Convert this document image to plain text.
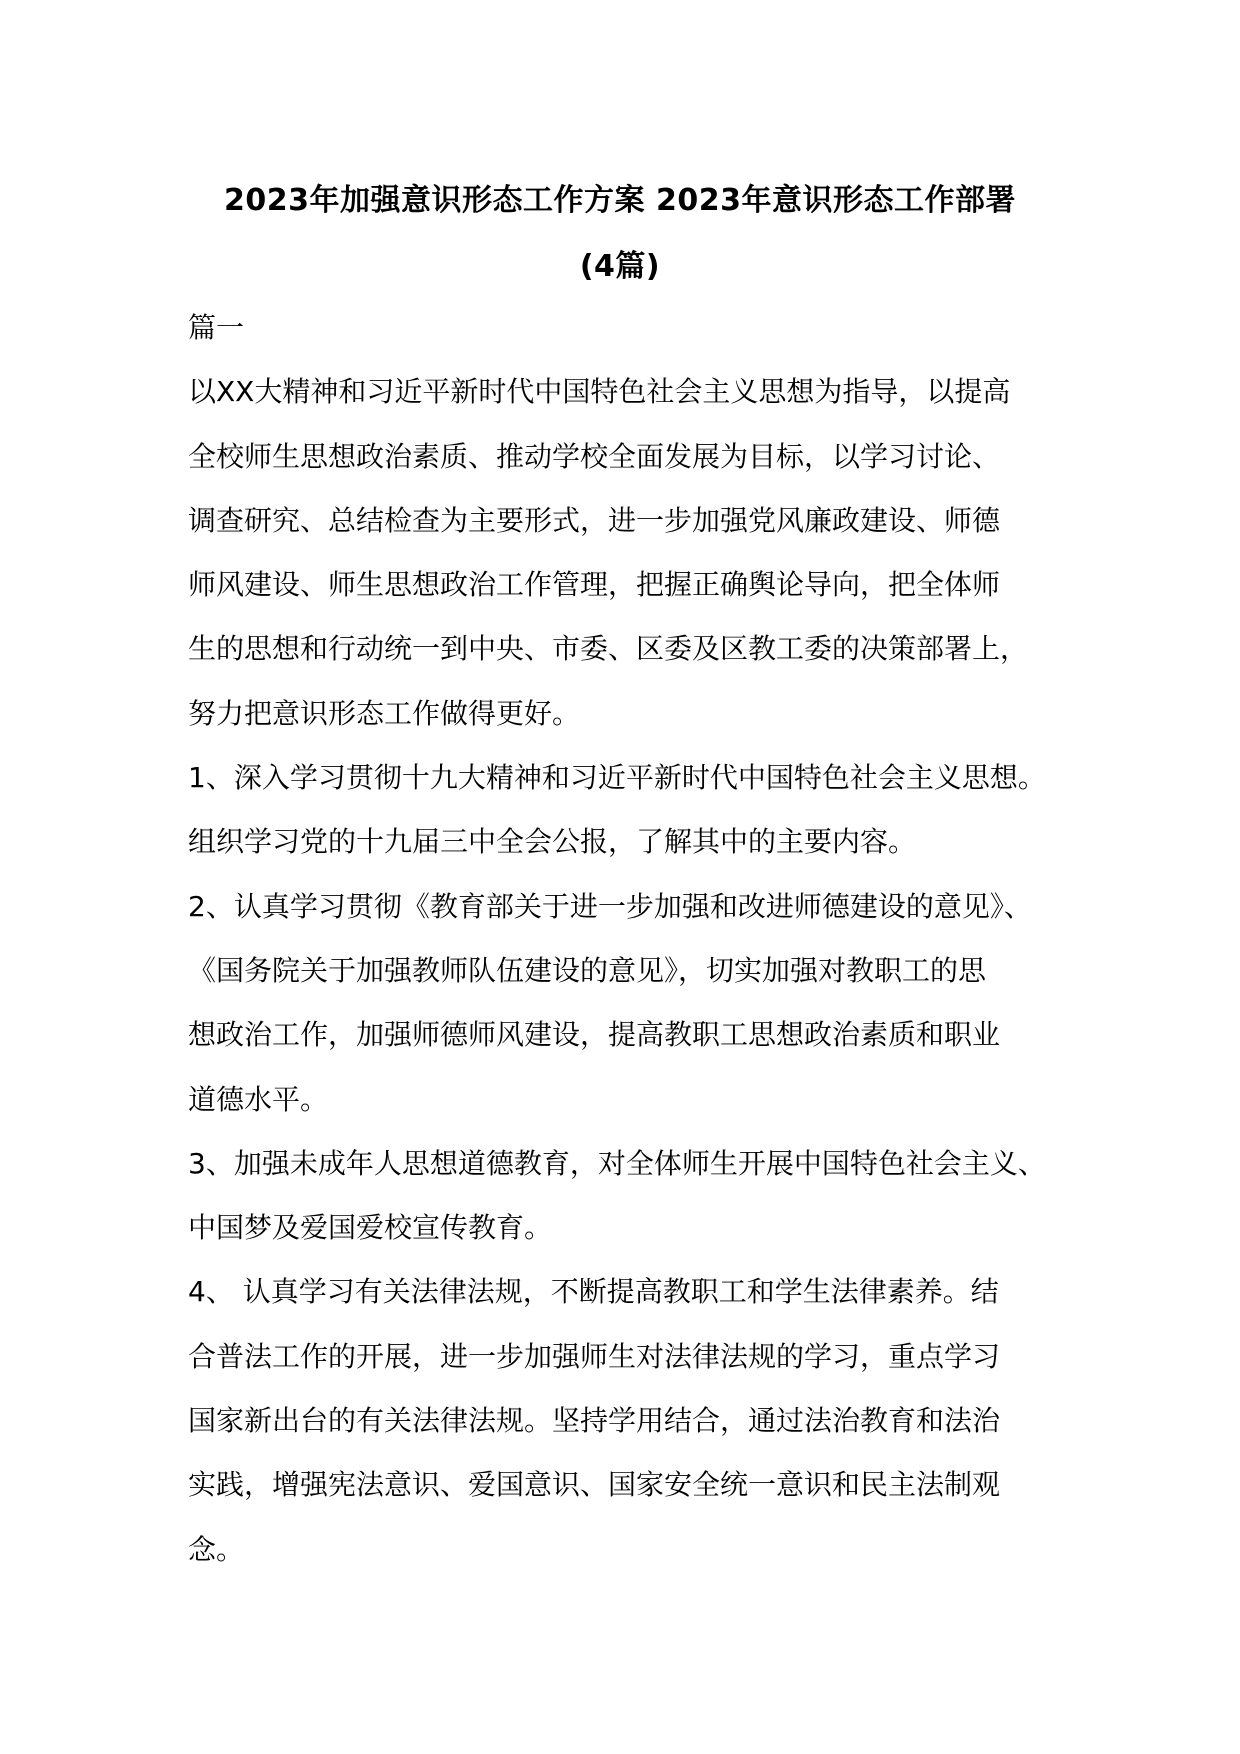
2023年加强意识形态工作方案 2023年意识形态工作部署
(4篇)
篇一
以XX大精神和习近平新时代中国特色社会主义思想为指导，以提高
全校师生思想政治素质、推动学校全面发展为目标，以学习讨论、
调查研究、总结检查为主要形式，进一步加强党风廉政建设、师德
师风建设、师生思想政治工作管理，把握正确舆论导向，把全体师
生的思想和行动统一到中央、市委、区委及区教工委的决策部署上，
努力把意识形态工作做得更好。
1、深入学习贯彻十九大精神和习近平新时代中国特色社会主义思想。
组织学习党的十九届三中全会公报，了解其中的主要内容。
2、认真学习贯彻《教育部关于进一步加强和改进师德建设的意见》、
《国务院关于加强教师队伍建设的意见》，切实加强对教职工的思
想政治工作，加强师德师风建设，提高教职工思想政治素质和职业
道德水平。
3、加强未成年人思想道德教育，对全体师生开展中国特色社会主义、
中国梦及爱国爱校宣传教育。
4、 认真学习有关法律法规，不断提高教职工和学生法律素养。结
合普法工作的开展，进一步加强师生对法律法规的学习，重点学习
国家新出台的有关法律法规。坚持学用结合，通过法治教育和法治
实践，增强宪法意识、爱国意识、国家安全统一意识和民主法制观
念。
